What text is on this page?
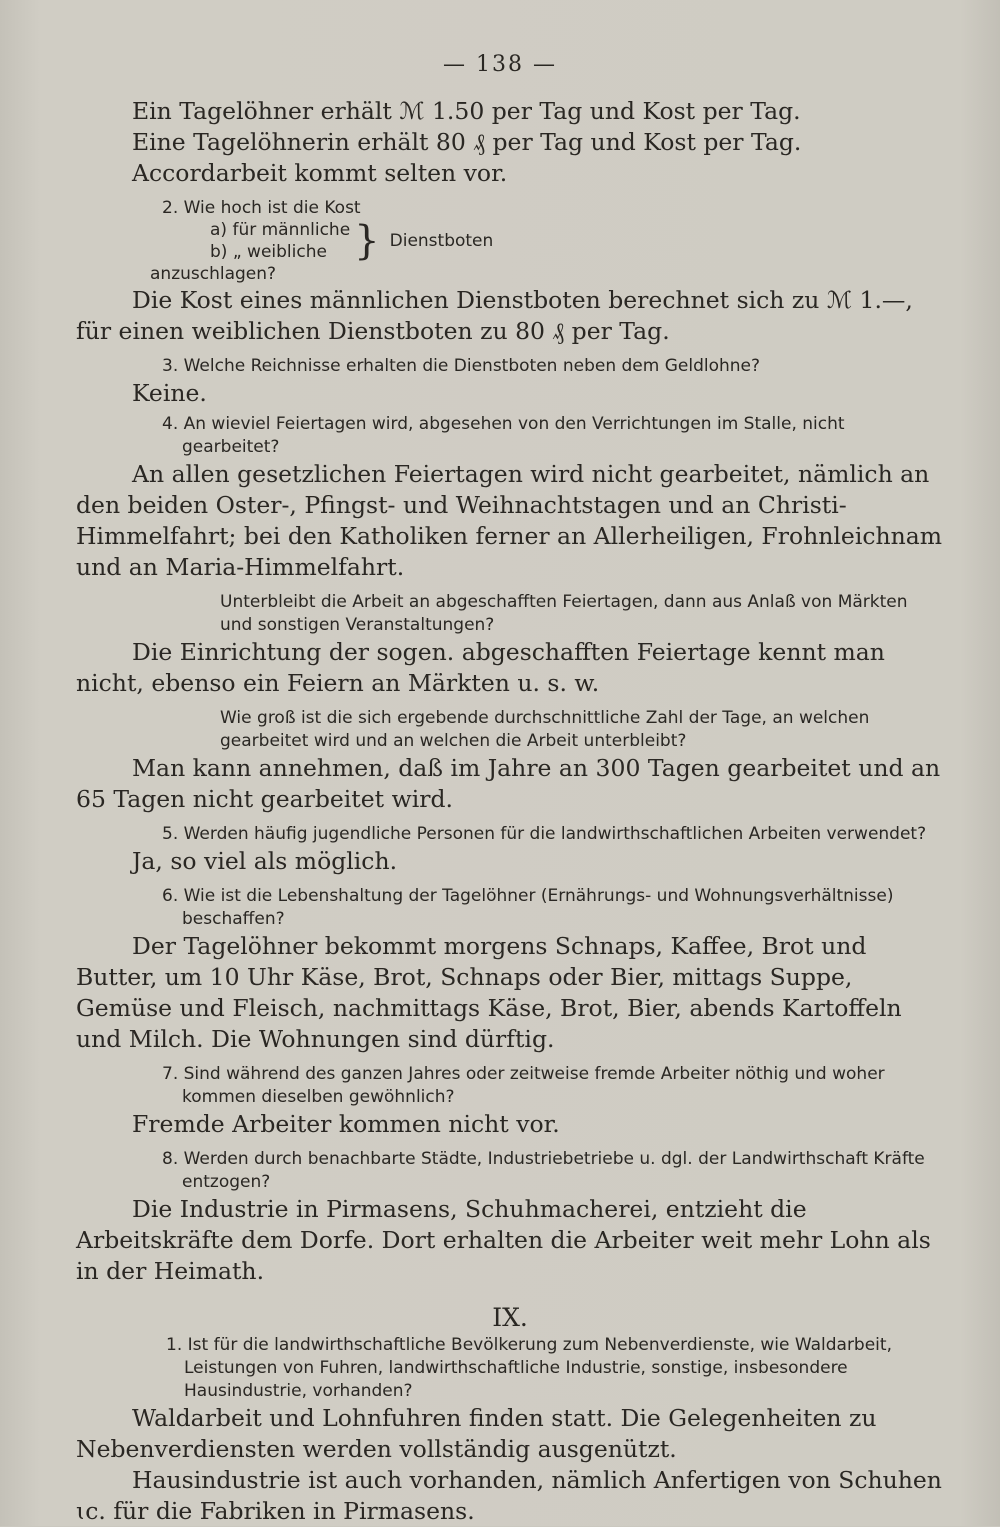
— 138 —

Ein Tagelöhner erhält ℳ 1.50 per Tag und Kost per Tag.

Eine Tagelöhnerin erhält 80 ₰ per Tag und Kost per Tag.

Accordarbeit kommt selten vor.

2. Wie hoch ist die Kost
a) für männliche
b) „ weibliche } Dienstboten
anzuschlagen?

Die Kost eines männlichen Dienstboten berechnet sich zu ℳ 1.—, für einen weiblichen Dienstboten zu 80 ₰ per Tag.

3. Welche Reichnisse erhalten die Dienstboten neben dem Geldlohne?

Keine.

4. An wieviel Feiertagen wird, abgesehen von den Verrichtungen im Stalle, nicht gearbeitet?

An allen gesetzlichen Feiertagen wird nicht gearbeitet, nämlich an den beiden Oster-, Pfingst- und Weihnachtstagen und an Christi-Himmelfahrt; bei den Katholiken ferner an Allerheiligen, Frohnleichnam und an Maria-Himmelfahrt.

Unterbleibt die Arbeit an abgeschafften Feiertagen, dann aus Anlaß von Märkten und sonstigen Veranstaltungen?

Die Einrichtung der sogen. abgeschafften Feiertage kennt man nicht, ebenso ein Feiern an Märkten u. s. w.

Wie groß ist die sich ergebende durchschnittliche Zahl der Tage, an welchen gearbeitet wird und an welchen die Arbeit unterbleibt?

Man kann annehmen, daß im Jahre an 300 Tagen gearbeitet und an 65 Tagen nicht gearbeitet wird.

5. Werden häufig jugendliche Personen für die landwirthschaftlichen Arbeiten verwendet?

Ja, so viel als möglich.

6. Wie ist die Lebenshaltung der Tagelöhner (Ernährungs- und Wohnungsverhältnisse) beschaffen?

Der Tagelöhner bekommt morgens Schnaps, Kaffee, Brot und Butter, um 10 Uhr Käse, Brot, Schnaps oder Bier, mittags Suppe, Gemüse und Fleisch, nachmittags Käse, Brot, Bier, abends Kartoffeln und Milch. Die Wohnungen sind dürftig.

7. Sind während des ganzen Jahres oder zeitweise fremde Arbeiter nöthig und woher kommen dieselben gewöhnlich?

Fremde Arbeiter kommen nicht vor.

8. Werden durch benachbarte Städte, Industriebetriebe u. dgl. der Landwirthschaft Kräfte entzogen?

Die Industrie in Pirmasens, Schuhmacherei, entzieht die Arbeitskräfte dem Dorfe. Dort erhalten die Arbeiter weit mehr Lohn als in der Heimath.

IX.

1. Ist für die landwirthschaftliche Bevölkerung zum Nebenverdienste, wie Waldarbeit, Leistungen von Fuhren, landwirthschaftliche Industrie, sonstige, insbesondere Hausindustrie, vorhanden?

Waldarbeit und Lohnfuhren finden statt. Die Gelegenheiten zu Nebenverdiensten werden vollständig ausgenützt.

Hausindustrie ist auch vorhanden, nämlich Anfertigen von Schuhen ɩc. für die Fabriken in Pirmasens.
